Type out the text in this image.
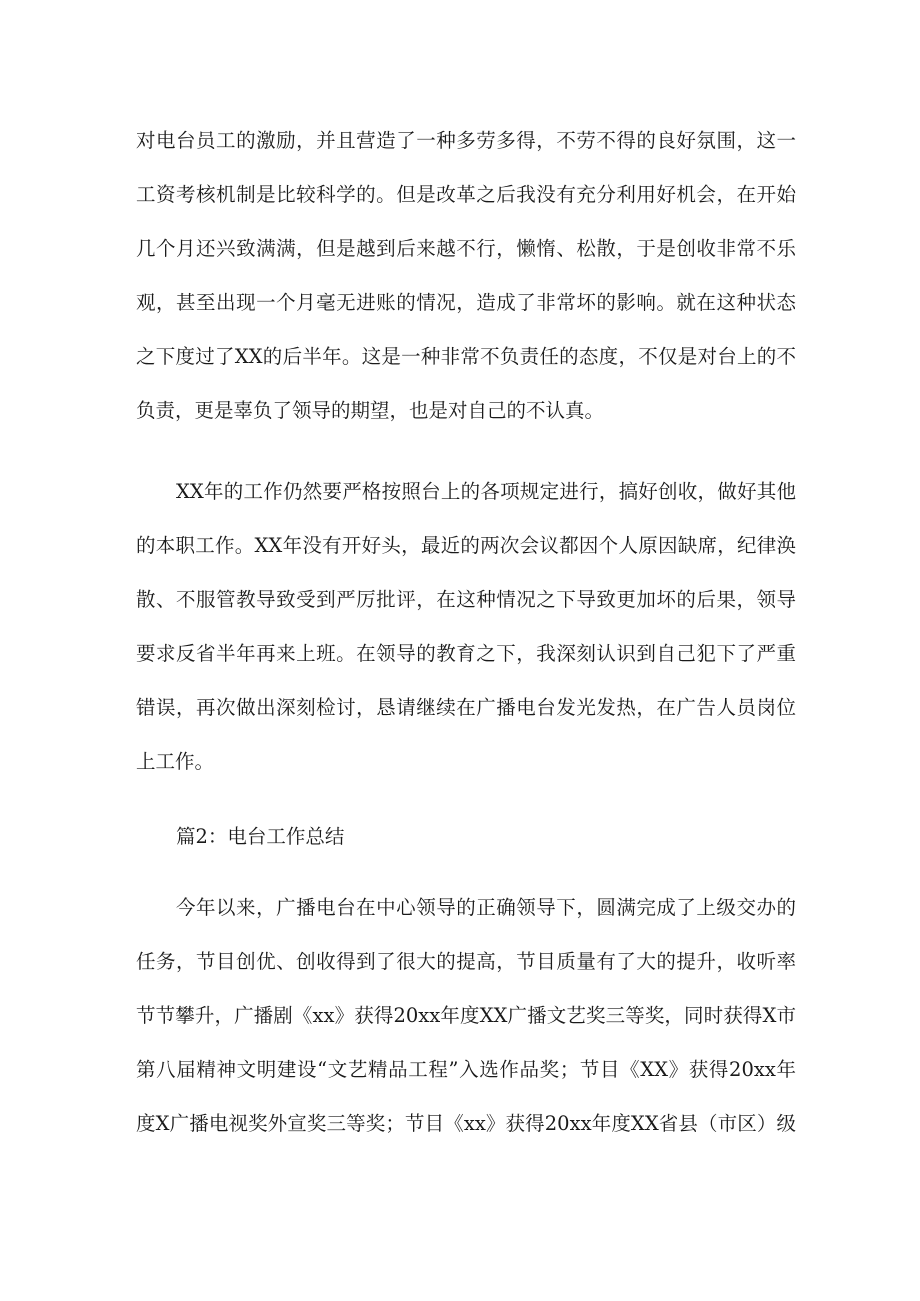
对电台员工的激励，并且营造了一种多劳多得，不劳不得的良好氛围，这一
工资考核机制是比较科学的。但是改革之后我没有充分利用好机会，在开始
几个月还兴致满满，但是越到后来越不行，懒惰、松散，于是创收非常不乐
观，甚至出现一个月毫无进账的情况，造成了非常坏的影响。就在这种状态
之下度过了XX的后半年。这是一种非常不负责任的态度，不仅是对台上的不
负责，更是辜负了领导的期望，也是对自己的不认真。
XX年的工作仍然要严格按照台上的各项规定进行，搞好创收，做好其他
的本职工作。XX年没有开好头，最近的两次会议都因个人原因缺席，纪律涣
散、不服管教导致受到严厉批评，在这种情况之下导致更加坏的后果，领导
要求反省半年再来上班。在领导的教育之下，我深刻认识到自己犯下了严重
错误，再次做出深刻检讨，恳请继续在广播电台发光发热，在广告人员岗位
上工作。
篇2：电台工作总结
今年以来，广播电台在中心领导的正确领导下，圆满完成了上级交办的
任务，节目创优、创收得到了很大的提高，节目质量有了大的提升，收听率
节节攀升，广播剧《xx》获得20xx年度XX广播文艺奖三等奖，同时获得X市
第八届精神文明建设“文艺精品工程”入选作品奖；节目《XX》获得20xx年
度X广播电视奖外宣奖三等奖；节目《xx》获得20xx年度XX省县（市区）级
